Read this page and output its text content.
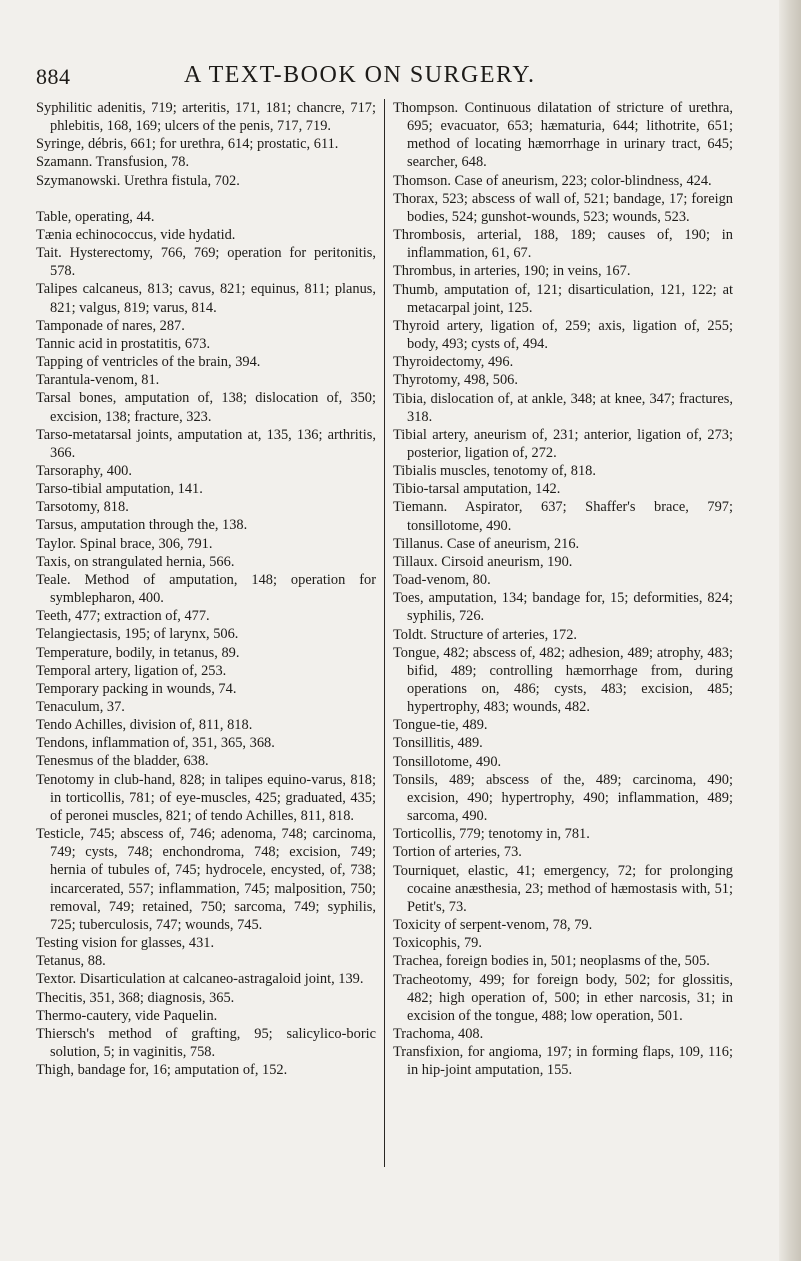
884	A TEXT-BOOK ON SURGERY.

Syphilitic adenitis, 719; arteritis, 171, 181; chancre, 717; phlebitis, 168, 169; ulcers of the penis, 717, 719.

Syringe, débris, 661; for urethra, 614; prostatic, 611.

Szamann. Transfusion, 78.

Szymanowski. Urethra fistula, 702.

Table, operating, 44.

Tænia echinococcus, vide hydatid.

Tait. Hysterectomy, 766, 769; operation for peritonitis, 578.

Talipes calcaneus, 813; cavus, 821; equinus, 811; planus, 821; valgus, 819; varus, 814.

Tamponade of nares, 287.

Tannic acid in prostatitis, 673.

Tapping of ventricles of the brain, 394.

Tarantula-venom, 81.

Tarsal bones, amputation of, 138; dislocation of, 350; excision, 138; fracture, 323.

Tarso-metatarsal joints, amputation at, 135, 136; arthritis, 366.

Tarsoraphy, 400.

Tarso-tibial amputation, 141.

Tarsotomy, 818.

Tarsus, amputation through the, 138.

Taylor. Spinal brace, 306, 791.

Taxis, on strangulated hernia, 566.

Teale. Method of amputation, 148; operation for symblepharon, 400.

Teeth, 477; extraction of, 477.

Telangiectasis, 195; of larynx, 506.

Temperature, bodily, in tetanus, 89.

Temporal artery, ligation of, 253.

Temporary packing in wounds, 74.

Tenaculum, 37.

Tendo Achilles, division of, 811, 818.

Tendons, inflammation of, 351, 365, 368.

Tenesmus of the bladder, 638.

Tenotomy in club-hand, 828; in talipes equino-varus, 818; in torticollis, 781; of eye-muscles, 425; graduated, 435; of peronei muscles, 821; of tendo Achilles, 811, 818.

Testicle, 745; abscess of, 746; adenoma, 748; carcinoma, 749; cysts, 748; enchondroma, 748; excision, 749; hernia of tubules of, 745; hydrocele, encysted, of, 738; incarcerated, 557; inflammation, 745; malposition, 750; removal, 749; retained, 750; sarcoma, 749; syphilis, 725; tuberculosis, 747; wounds, 745.

Testing vision for glasses, 431.

Tetanus, 88.

Textor. Disarticulation at calcaneo-astragaloid joint, 139.

Thecitis, 351, 368; diagnosis, 365.

Thermo-cautery, vide Paquelin.

Thiersch's method of grafting, 95; salicylico-boric solution, 5; in vaginitis, 758.

Thigh, bandage for, 16; amputation of, 152.

Thompson. Continuous dilatation of stricture of urethra, 695; evacuator, 653; hæmaturia, 644; lithotrite, 651; method of locating hæmorrhage in urinary tract, 645; searcher, 648.

Thomson. Case of aneurism, 223; color-blindness, 424.

Thorax, 523; abscess of wall of, 521; bandage, 17; foreign bodies, 524; gunshot-wounds, 523; wounds, 523.

Thrombosis, arterial, 188, 189; causes of, 190; in inflammation, 61, 67.

Thrombus, in arteries, 190; in veins, 167.

Thumb, amputation of, 121; disarticulation, 121, 122; at metacarpal joint, 125.

Thyroid artery, ligation of, 259; axis, ligation of, 255; body, 493; cysts of, 494.

Thyroidectomy, 496.

Thyrotomy, 498, 506.

Tibia, dislocation of, at ankle, 348; at knee, 347; fractures, 318.

Tibial artery, aneurism of, 231; anterior, ligation of, 273; posterior, ligation of, 272.

Tibialis muscles, tenotomy of, 818.

Tibio-tarsal amputation, 142.

Tiemann. Aspirator, 637; Shaffer's brace, 797; tonsillotome, 490.

Tillanus. Case of aneurism, 216.

Tillaux. Cirsoid aneurism, 190.

Toad-venom, 80.

Toes, amputation, 134; bandage for, 15; deformities, 824; syphilis, 726.

Toldt. Structure of arteries, 172.

Tongue, 482; abscess of, 482; adhesion, 489; atrophy, 483; bifid, 489; controlling hæmorrhage from, during operations on, 486; cysts, 483; excision, 485; hypertrophy, 483; wounds, 482.

Tongue-tie, 489.

Tonsillitis, 489.

Tonsillotome, 490.

Tonsils, 489; abscess of the, 489; carcinoma, 490; excision, 490; hypertrophy, 490; inflammation, 489; sarcoma, 490.

Torticollis, 779; tenotomy in, 781.

Tortion of arteries, 73.

Tourniquet, elastic, 41; emergency, 72; for prolonging cocaine anæsthesia, 23; method of hæmostasis with, 51; Petit's, 73.

Toxicity of serpent-venom, 78, 79.

Toxicophis, 79.

Trachea, foreign bodies in, 501; neoplasms of the, 505.

Tracheotomy, 499; for foreign body, 502; for glossitis, 482; high operation of, 500; in ether narcosis, 31; in excision of the tongue, 488; low operation, 501.

Trachoma, 408.

Transfixion, for angioma, 197; in forming flaps, 109, 116; in hip-joint amputation, 155.
